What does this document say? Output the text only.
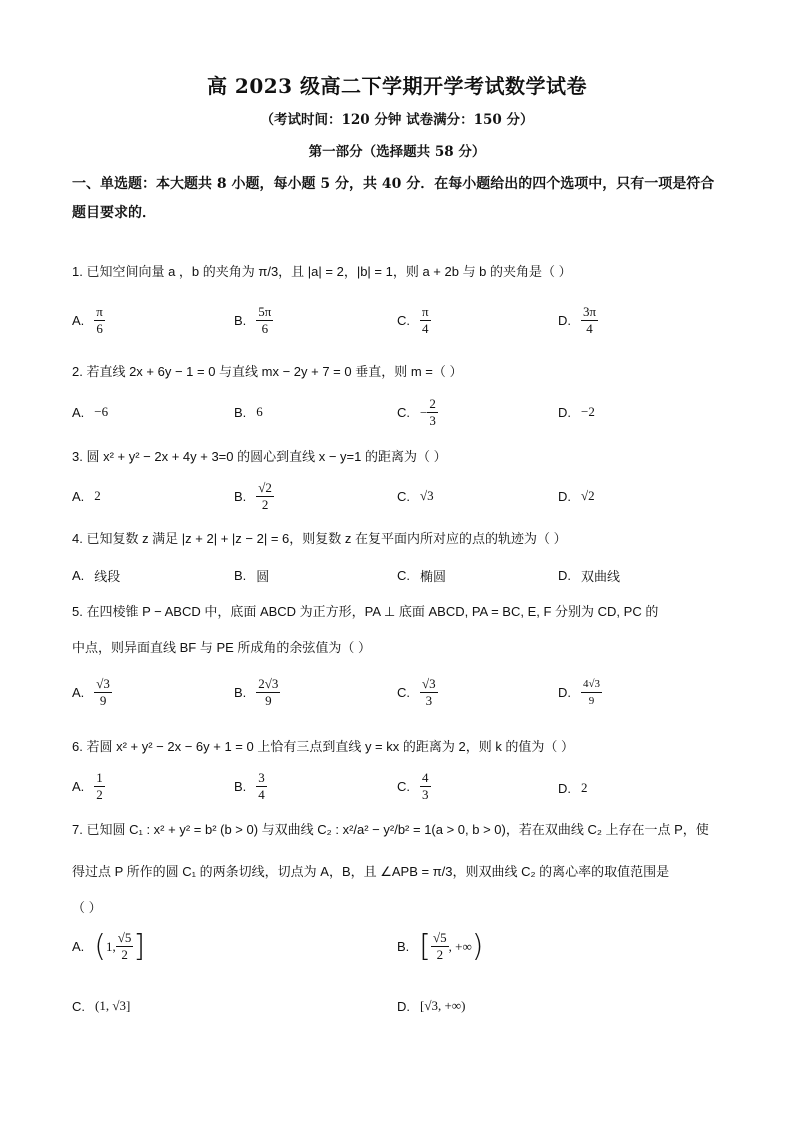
高 2023 级高二下学期开学考试数学试卷
（考试时间：120 分钟 试卷满分：150 分）
第一部分（选择题共 58 分）
一、单选题：本大题共 8 小题，每小题 5 分，共 40 分．在每小题给出的四个选项中，只有一项是符合题目要求的．
1. 已知空间向量 a ，b 的夹角为 π/3，且 |a| = 2，|b| = 1，则 a + 2b 与 b 的夹角是（ ）
A. $\frac{\pi}{6}$	B. $\frac{5\pi}{6}$	C. $\frac{\pi}{4}$	D. $\frac{3\pi}{4}$
2. 若直线 2x + 6y − 1 = 0 与直线 mx − 2y + 7 = 0 垂直，则 m =（ ）
A. −6	B. 6	C. − $\frac{2}{3}$	D. −2
3. 圆 x² + y² − 2x + 4y + 3=0 的圆心到直线 x − y=1 的距离为（ ）
A. 2	B. $\frac{√2}{2}$	C. √3	D. √2
4. 已知复数 z 满足 |z + 2| + |z − 2| = 6，则复数 z 在复平面内所对应的点的轨迹为（ ）
A. 线段	B. 圆	C. 椭圆	D. 双曲线
5. 在四棱锥 P − ABCD 中，底面 ABCD 为正方形，PA ⊥ 底面 ABCD, PA = BC, E, F 分别为 CD, PC 的
中点，则异面直线 BF 与 PE 所成角的余弦值为（ ）
A. $\frac{√3}{9}$	B. $\frac{2√3}{9}$	C. $\frac{√3}{3}$	D. $\frac{4√3}{9}$
6. 若圆 x² + y² − 2x − 6y + 1 = 0 上恰有三点到直线 y = kx 的距离为 2，则 k 的值为（ ）
A. $\frac{1}{2}$	B. $\frac{3}{4}$	C. $\frac{4}{3}$	D. 2
7. 已知圆 C₁ : x² + y² = b² (b > 0) 与双曲线 C₂ : x²/a² − y²/b² = 1(a > 0, b > 0)，若在双曲线 C₂ 上存在一点 P，使
得过点 P 所作的圆 C₁ 的两条切线，切点为 A，B，且 ∠APB = π/3，则双曲线 C₂ 的离心率的取值范围是
（ ）
A. ( 1, $\frac{√5}{2}$ ]	B. [ $\frac{√5}{2}$ , +∞ )
C. (1, √3]	D. [√3, +∞)
